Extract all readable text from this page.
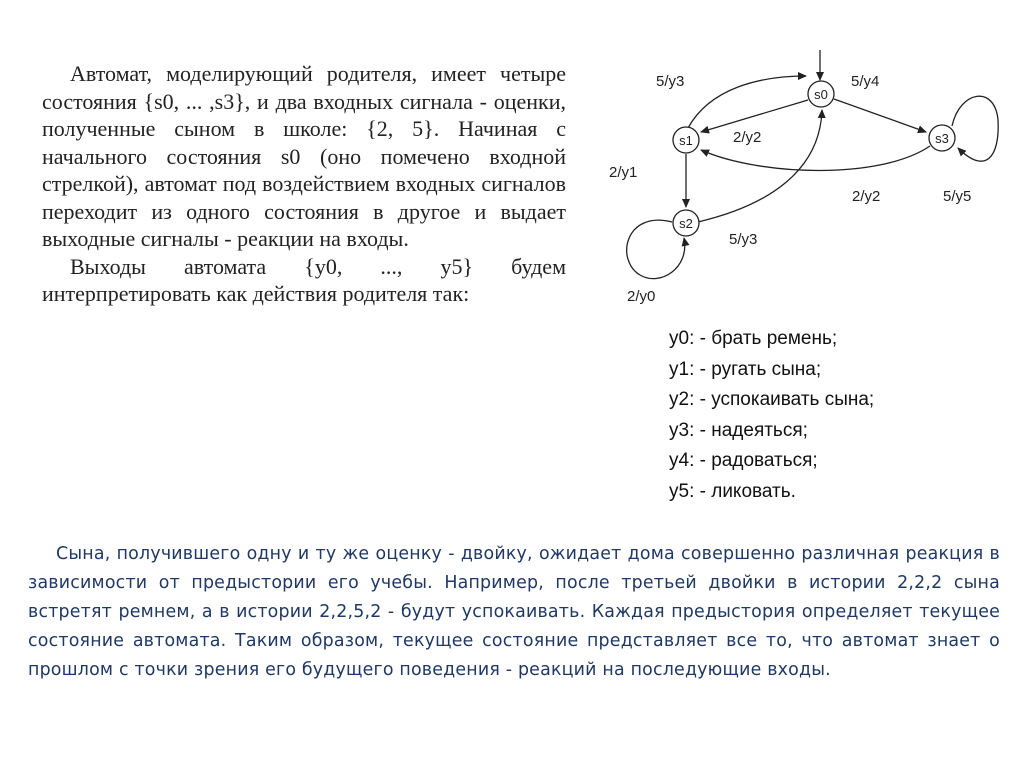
Автомат, моделирующий родителя, имеет четыре состояния {s0, ... ,s3}, и два входных сигнала - оценки, полученные сыном в школе: {2, 5}. Начиная с начального состояния s0 (оно помечено входной стрелкой), автомат под воздействием входных сигналов переходит из одного состояния в другое и выдает выходные сигналы - реакции на входы.

Выходы автомата {y0, ..., y5} будем интерпретировать как действия родителя так:

s0
s1
s2
s3
5/y3	5/y4
2/y2
2/y1
2/y2	5/y5
5/y3
2/y0
y0: - брать ремень;
y1: - ругать сына;
y2: - успокаивать сына;
y3: - надеяться;
y4: - радоваться;
y5: - ликовать.

Сына, получившего одну и ту же оценку - двойку, ожидает дома совершенно различная реакция в зависимости от предыстории его учебы. Например, после третьей двойки в истории 2,2,2 сына встретят ремнем, а в истории 2,2,5,2 - будут успокаивать. Каждая предыстория определяет текущее состояние автомата. Таким образом, текущее состояние представляет все то, что автомат знает о прошлом с точки зрения его будущего поведения - реакций на последующие входы.
